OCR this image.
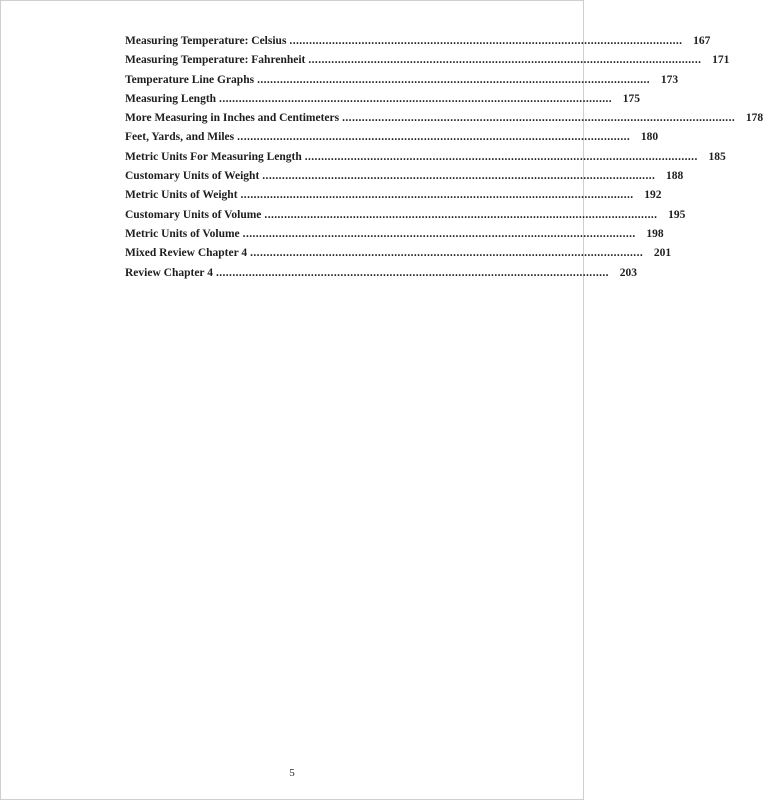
Measuring Temperature: Celsius ........................................................................................................................ 167
Measuring Temperature: Fahrenheit ........................................................................................................................ 171
Temperature Line Graphs ........................................................................................................................ 173
Measuring Length ........................................................................................................................ 175
More Measuring in Inches and Centimeters ........................................................................................................................ 178
Feet, Yards, and Miles ........................................................................................................................ 180
Metric Units For Measuring Length ........................................................................................................................ 185
Customary Units of Weight ........................................................................................................................ 188
Metric Units of Weight ........................................................................................................................ 192
Customary Units of Volume ........................................................................................................................ 195
Metric Units of Volume ........................................................................................................................ 198
Mixed Review Chapter 4 ........................................................................................................................ 201
Review Chapter 4 ........................................................................................................................ 203
5
